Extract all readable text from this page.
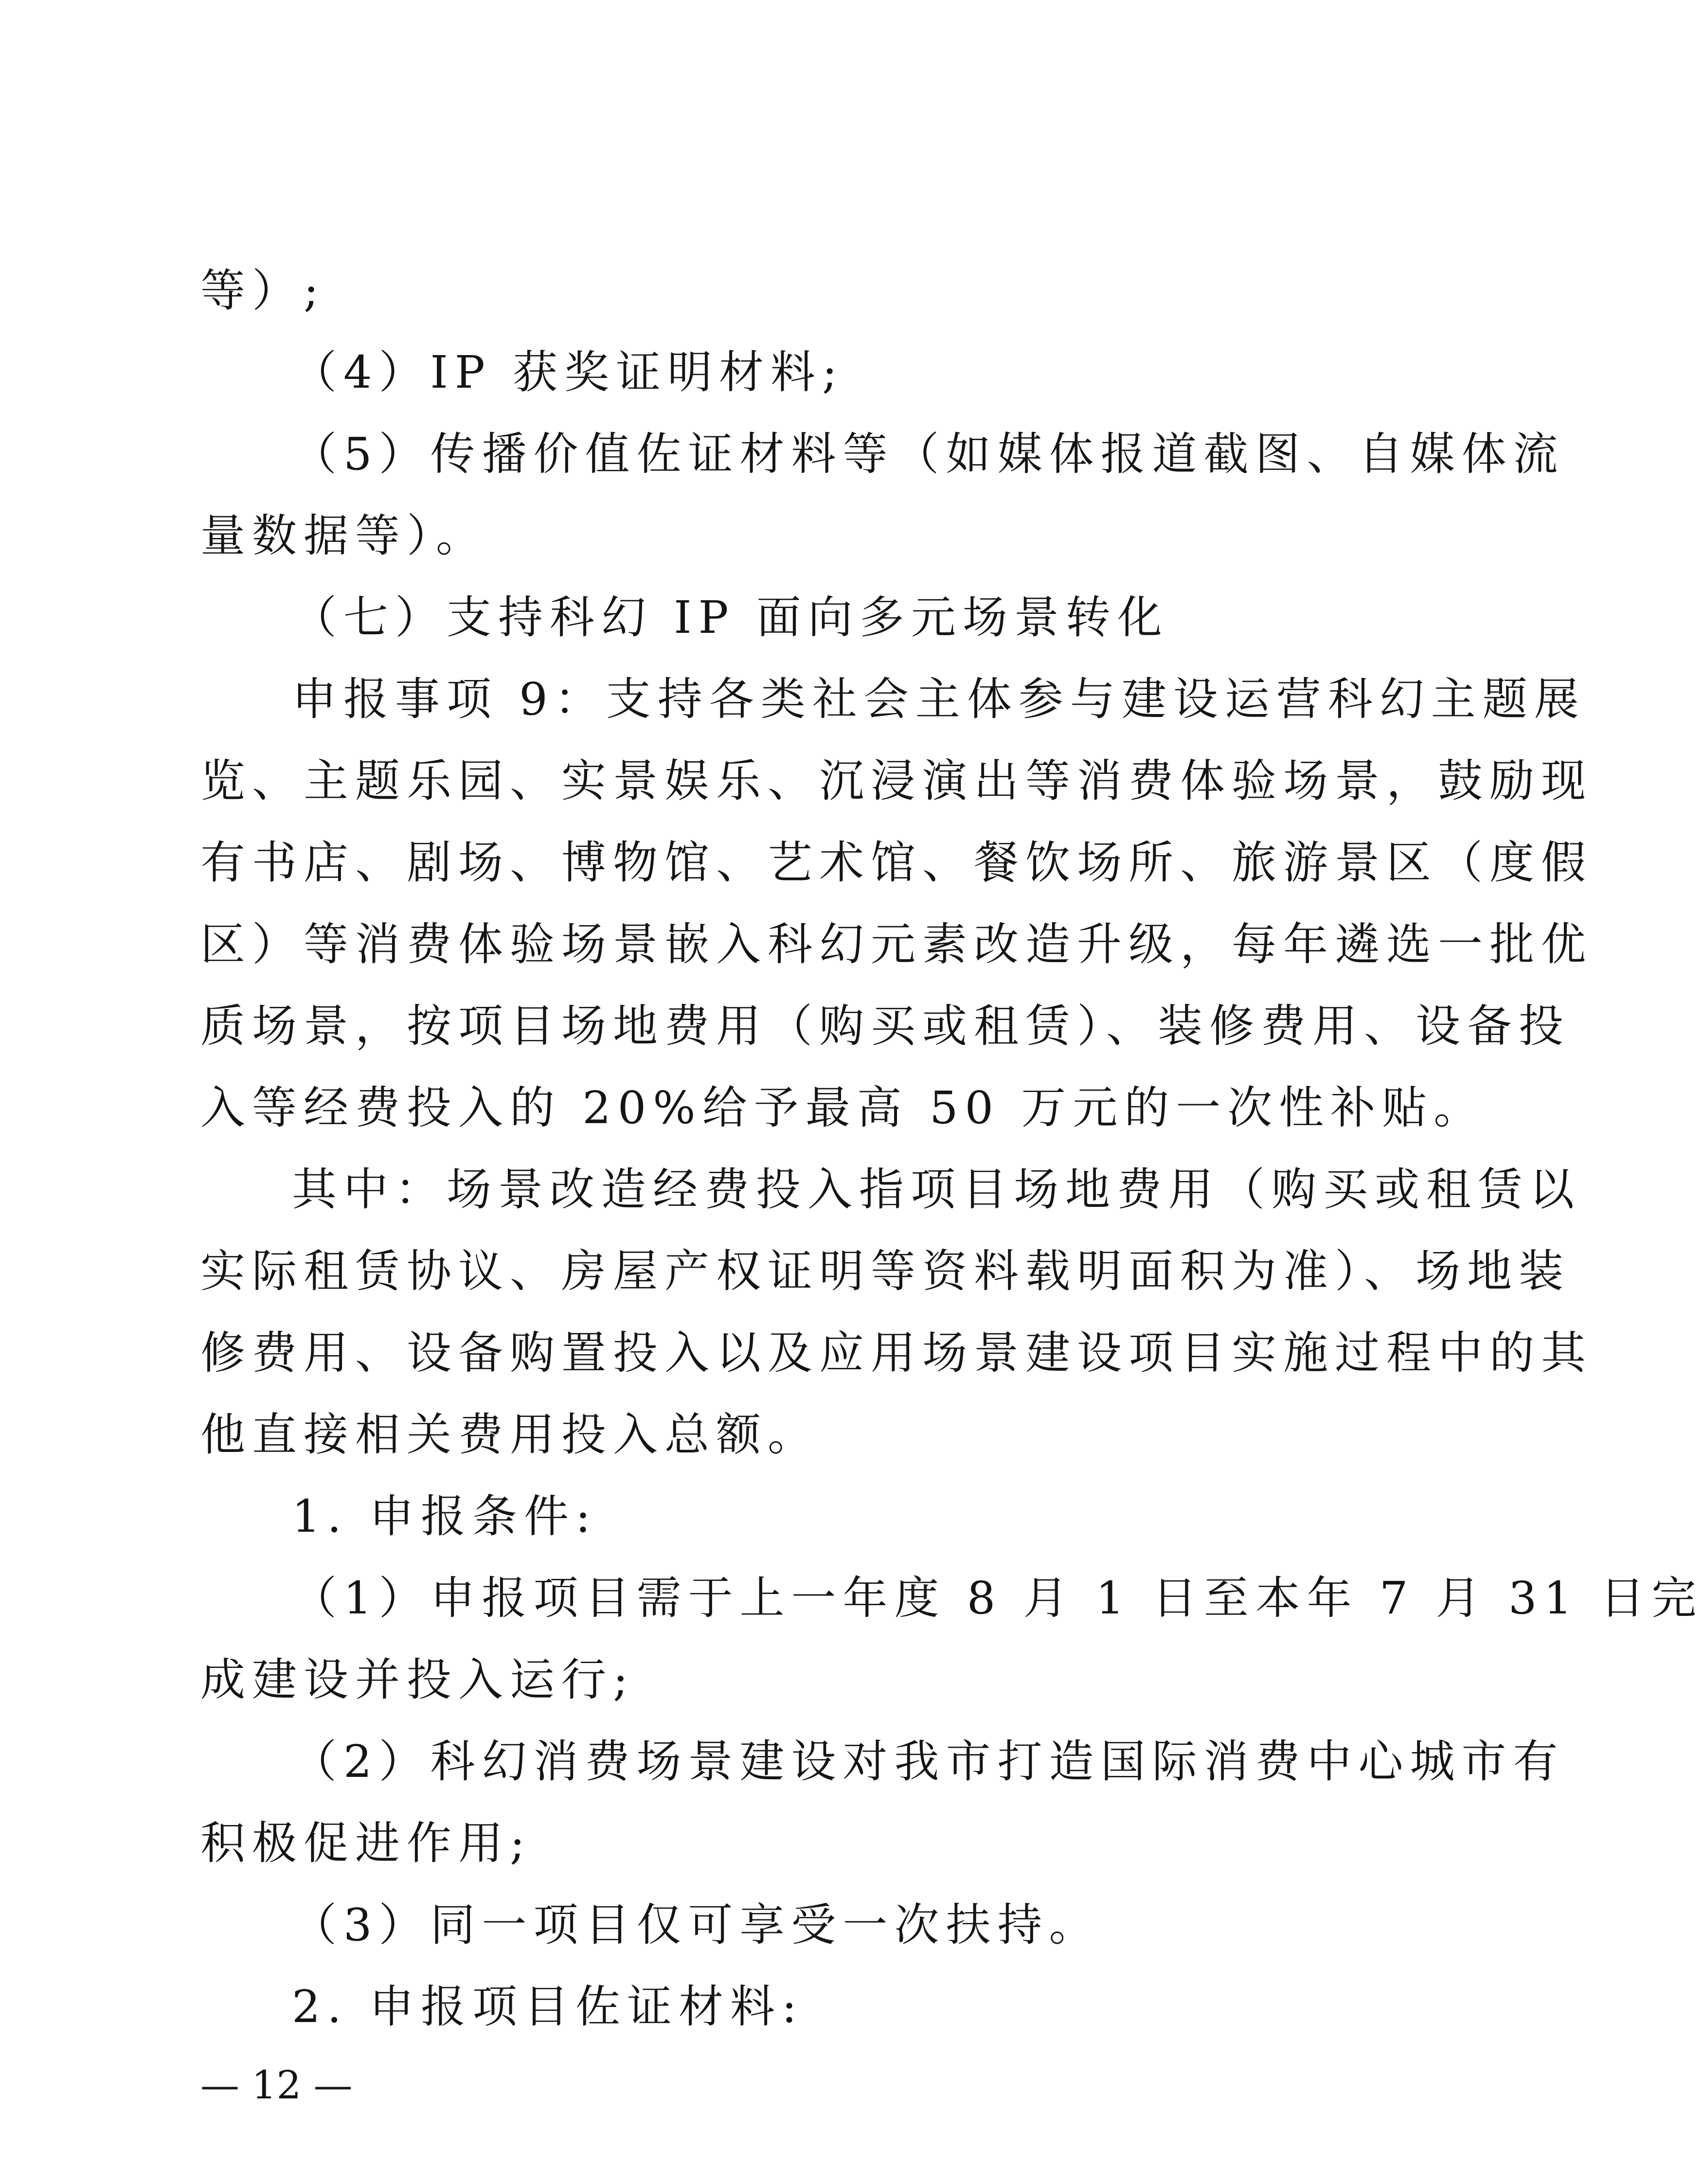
等）;

（4）IP 获奖证明材料;

（5）传播价值佐证材料等（如媒体报道截图、自媒体流

量数据等）。

（七）支持科幻 IP 面向多元场景转化

申报事项 9：支持各类社会主体参与建设运营科幻主题展

览、主题乐园、实景娱乐、沉浸演出等消费体验场景，鼓励现

有书店、剧场、博物馆、艺术馆、餐饮场所、旅游景区（度假

区）等消费体验场景嵌入科幻元素改造升级，每年遴选一批优

质场景，按项目场地费用（购买或租赁）、装修费用、设备投

入等经费投入的 20%给予最高 50 万元的一次性补贴。

其中：场景改造经费投入指项目场地费用（购买或租赁以

实际租赁协议、房屋产权证明等资料载明面积为准）、场地装

修费用、设备购置投入以及应用场景建设项目实施过程中的其

他直接相关费用投入总额。

1. 申报条件:

（1）申报项目需于上一年度 8 月 1 日至本年 7 月 31 日完

成建设并投入运行;

（2）科幻消费场景建设对我市打造国际消费中心城市有

积极促进作用;

（3）同一项目仅可享受一次扶持。

2. 申报项目佐证材料:

— 12 —
